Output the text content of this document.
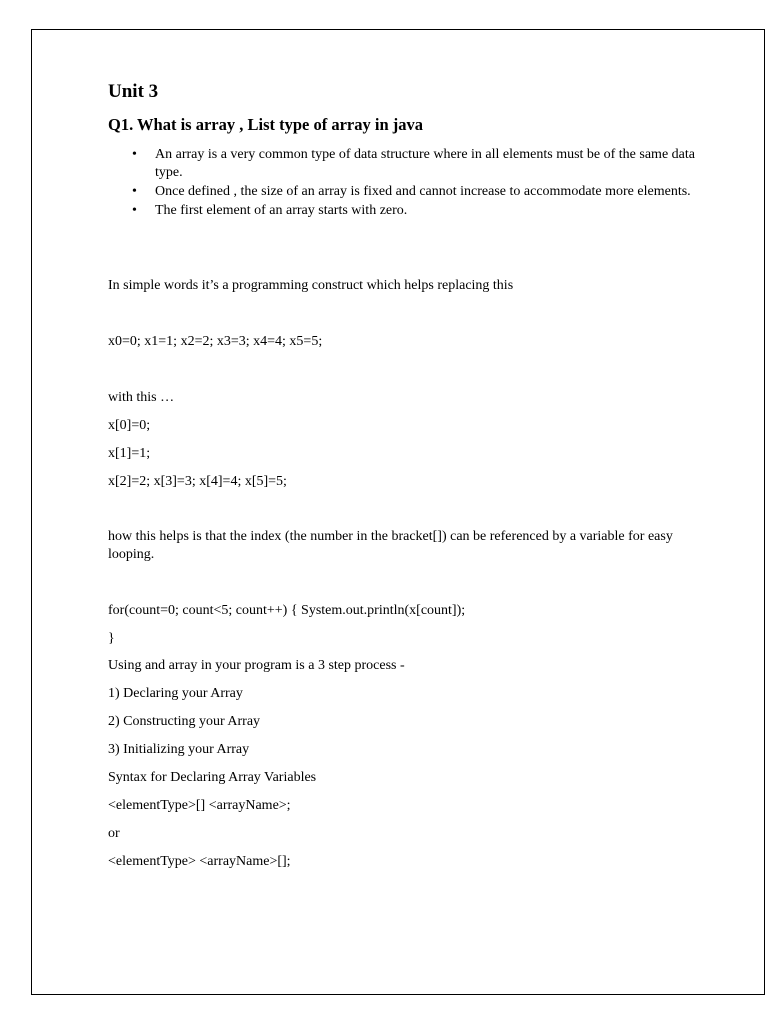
Unit 3
Q1. What is array , List type of array in java
• An array is a very common type of data structure where in all elements must be of the same data type.
• Once defined , the size of an array is fixed and cannot increase to accommodate more elements.
• The first element of an array starts with zero.
In simple words it’s a programming construct which helps replacing this
x0=0; x1=1; x2=2; x3=3; x4=4; x5=5;
with this …
x[0]=0;
x[1]=1;
x[2]=2; x[3]=3; x[4]=4; x[5]=5;
how this helps is that the index (the number in the bracket[]) can be referenced by a variable for easy looping.
for(count=0; count<5; count++) { System.out.println(x[count]);
}
Using and array in your program is a 3 step process -
1) Declaring your Array
2) Constructing your Array
3) Initializing your Array
Syntax for Declaring Array Variables
<elementType>[] <arrayName>;
or
<elementType> <arrayName>[];
